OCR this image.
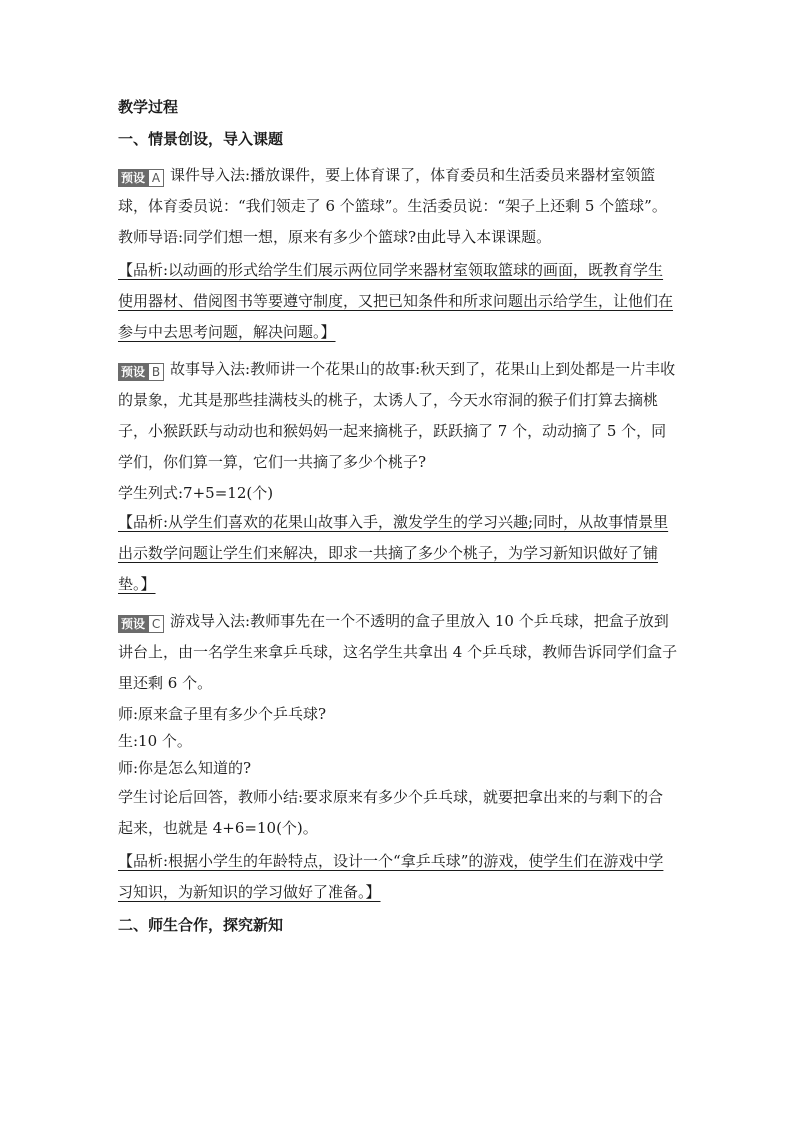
教学过程

一、情景创设，导入课题

预设 A 课件导入法:播放课件，要上体育课了，体育委员和生活委员来器材室领篮球，体育委员说：“我们领走了 6 个篮球”。生活委员说：“架子上还剩 5 个篮球”。教师导语:同学们想一想，原来有多少个篮球?由此导入本课课题。

【品析:以动画的形式给学生们展示两位同学来器材室领取篮球的画面，既教育学生使用器材、借阅图书等要遵守制度，又把已知条件和所求问题出示给学生，让他们在参与中去思考问题，解决问题。】

预设 B 故事导入法:教师讲一个花果山的故事:秋天到了，花果山上到处都是一片丰收的景象，尤其是那些挂满枝头的桃子，太诱人了，今天水帘洞的猴子们打算去摘桃子，小猴跃跃与动动也和猴妈妈一起来摘桃子，跃跃摘了 7 个，动动摘了 5 个，同学们，你们算一算，它们一共摘了多少个桃子?

学生列式:7+5=12(个)

【品析:从学生们喜欢的花果山故事入手，激发学生的学习兴趣;同时，从故事情景里出示数学问题让学生们来解决，即求一共摘了多少个桃子，为学习新知识做好了铺垫。】

预设 C 游戏导入法:教师事先在一个不透明的盒子里放入 10 个乒乓球，把盒子放到讲台上，由一名学生来拿乒乓球，这名学生共拿出 4 个乒乓球，教师告诉同学们盒子里还剩 6 个。

师:原来盒子里有多少个乒乓球?

生:10 个。

师:你是怎么知道的?

学生讨论后回答，教师小结:要求原来有多少个乒乓球，就要把拿出来的与剩下的合起来，也就是 4+6=10(个)。

【品析:根据小学生的年龄特点，设计一个“拿乒乓球”的游戏，使学生们在游戏中学习知识，为新知识的学习做好了准备。】

二、师生合作，探究新知
